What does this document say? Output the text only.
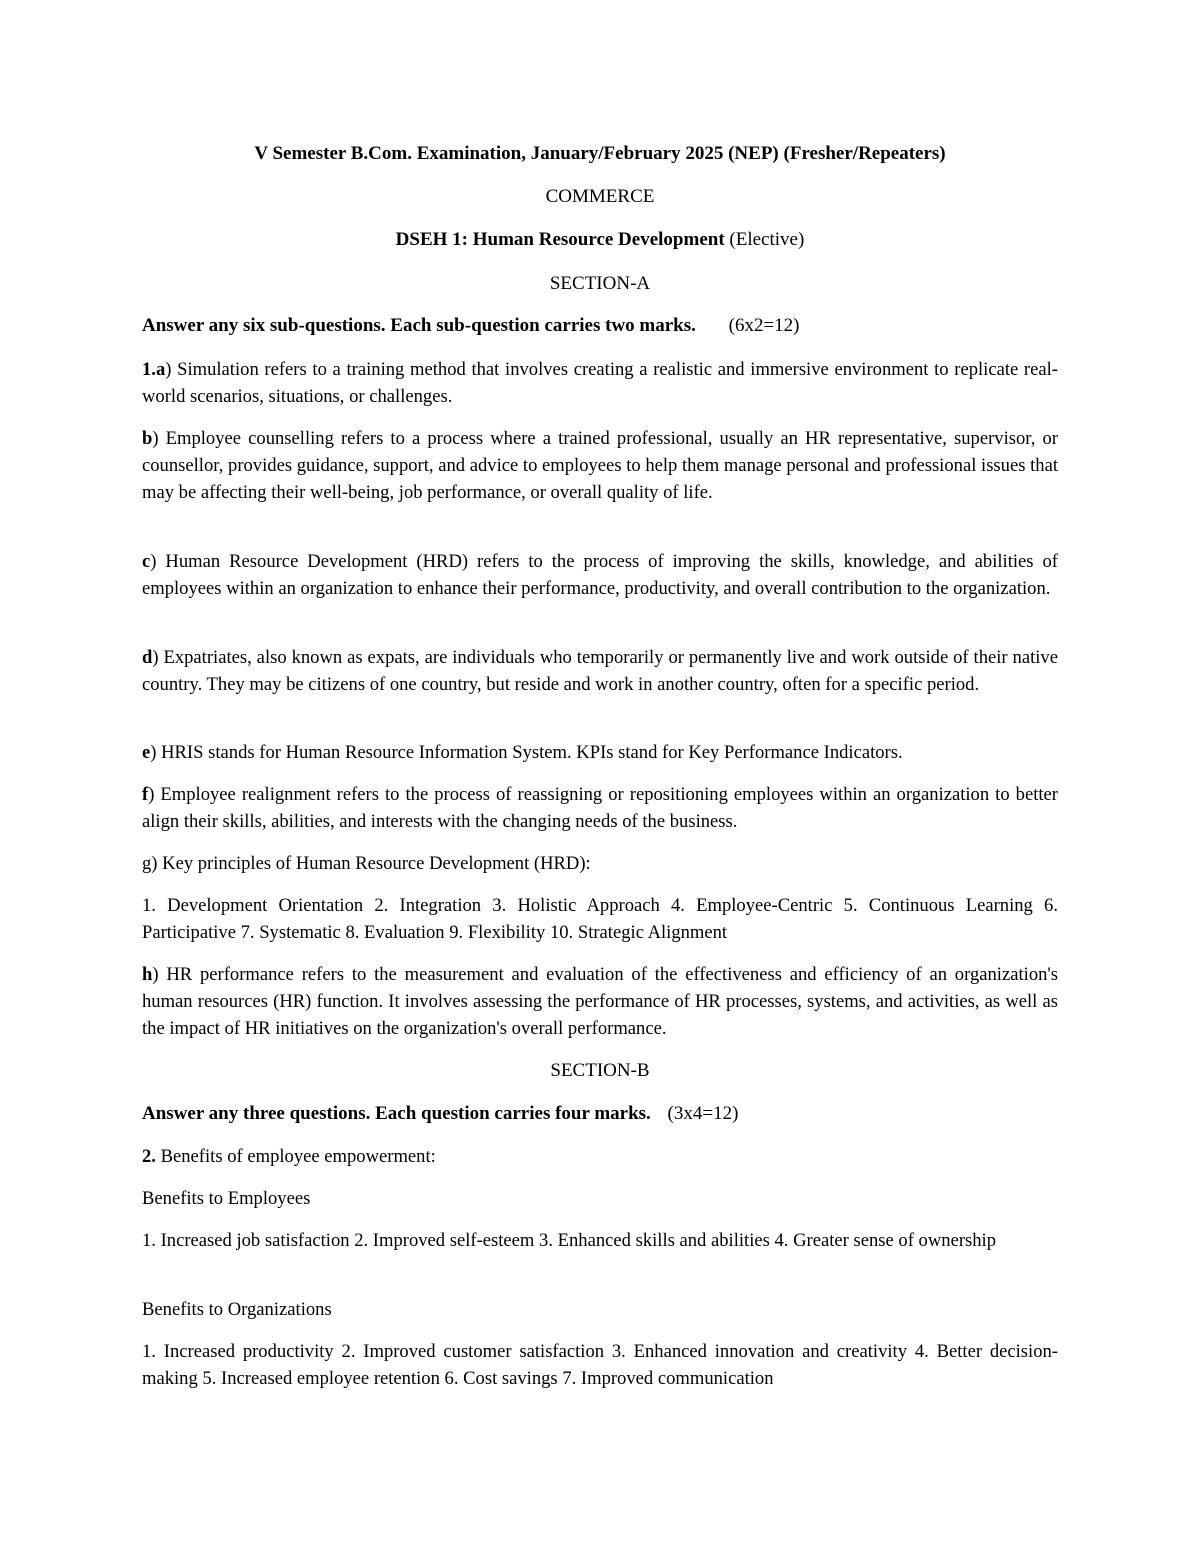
V Semester B.Com. Examination, January/February 2025 (NEP) (Fresher/Repeaters)

COMMERCE

DSEH 1: Human Resource Development (Elective)

SECTION-A

Answer any six sub-questions. Each sub-question carries two marks. (6x2=12)

1.a) Simulation refers to a training method that involves creating a realistic and immersive environment to replicate real-world scenarios, situations, or challenges.

b) Employee counselling refers to a process where a trained professional, usually an HR representative, supervisor, or counsellor, provides guidance, support, and advice to employees to help them manage personal and professional issues that may be affecting their well-being, job performance, or overall quality of life.

c) Human Resource Development (HRD) refers to the process of improving the skills, knowledge, and abilities of employees within an organization to enhance their performance, productivity, and overall contribution to the organization.

d) Expatriates, also known as expats, are individuals who temporarily or permanently live and work outside of their native country. They may be citizens of one country, but reside and work in another country, often for a specific period.

e) HRIS stands for Human Resource Information System. KPIs stand for Key Performance Indicators.

f) Employee realignment refers to the process of reassigning or repositioning employees within an organization to better align their skills, abilities, and interests with the changing needs of the business.

g) Key principles of Human Resource Development (HRD):

1. Development Orientation 2. Integration 3. Holistic Approach 4. Employee-Centric 5. Continuous Learning 6. Participative 7. Systematic 8. Evaluation 9. Flexibility 10. Strategic Alignment

h) HR performance refers to the measurement and evaluation of the effectiveness and efficiency of an organization's human resources (HR) function. It involves assessing the performance of HR processes, systems, and activities, as well as the impact of HR initiatives on the organization's overall performance.

SECTION-B

Answer any three questions. Each question carries four marks. (3x4=12)

2. Benefits of employee empowerment:

Benefits to Employees

1. Increased job satisfaction 2. Improved self-esteem 3. Enhanced skills and abilities 4. Greater sense of ownership

Benefits to Organizations

1. Increased productivity 2. Improved customer satisfaction 3. Enhanced innovation and creativity 4. Better decision-making 5. Increased employee retention 6. Cost savings 7. Improved communication
